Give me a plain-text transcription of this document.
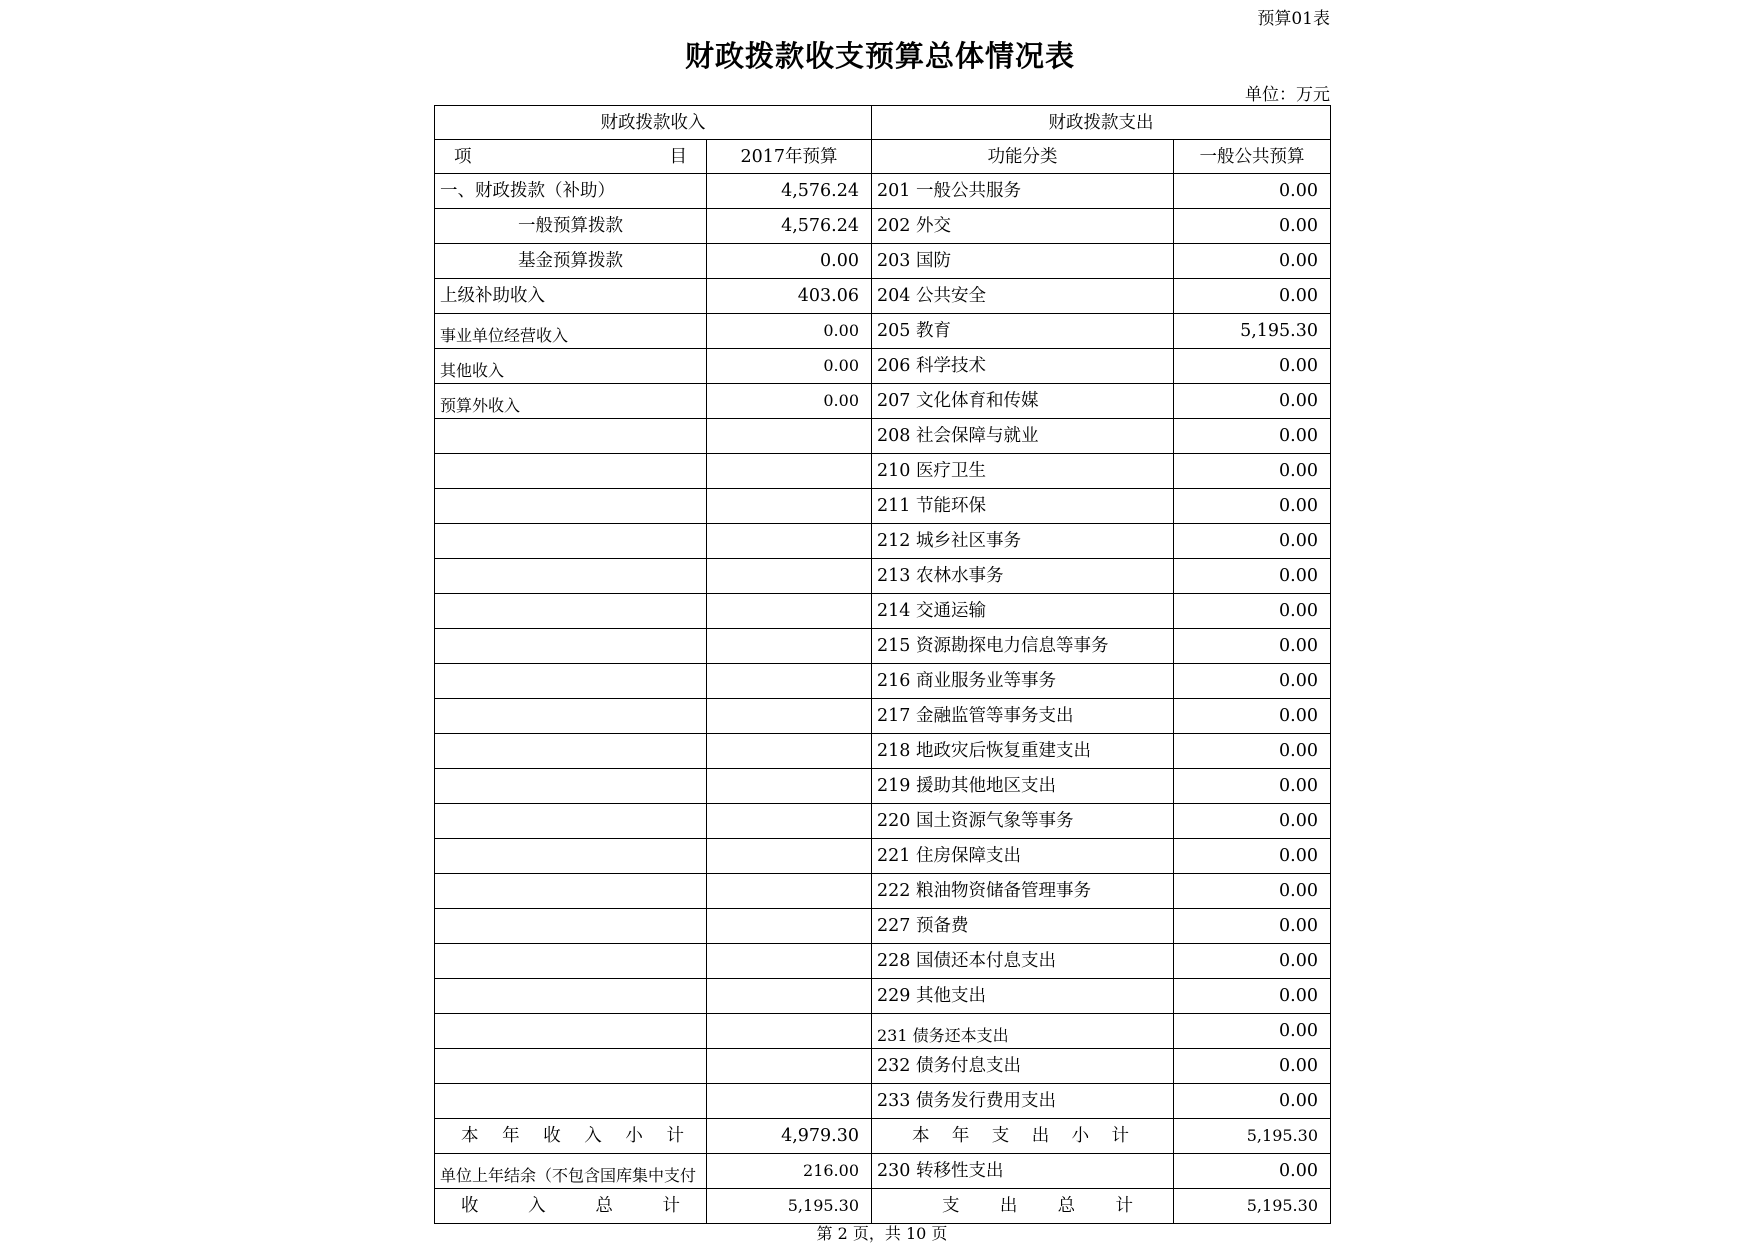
预算01表
财政拨款收支预算总体情况表
单位：万元
财政拨款收入		财政拨款支出	

项 目	2017年预算	功能分类	一般公共预算
一、财政拨款（补助）	4,576.24	201 一般公共服务	0.00
一般预算拨款	4,576.24	202 外交	0.00
基金预算拨款	0.00	203 国防	0.00
上级补助收入	403.06	204 公共安全	0.00
事业单位经营收入	0.00	205 教育	5,195.30
其他收入	0.00	206 科学技术	0.00
预算外收入	0.00	207 文化体育和传媒	0.00
		208 社会保障与就业	0.00
		210 医疗卫生	0.00
		211 节能环保	0.00
		212 城乡社区事务	0.00
		213 农林水事务	0.00
		214 交通运输	0.00
		215 资源勘探电力信息等事务	0.00
		216 商业服务业等事务	0.00
		217 金融监管等事务支出	0.00
		218 地政灾后恢复重建支出	0.00
		219 援助其他地区支出	0.00
		220 国土资源气象等事务	0.00
		221 住房保障支出	0.00
		222 粮油物资储备管理事务	0.00
		227 预备费	0.00
		228 国债还本付息支出	0.00
		229 其他支出	0.00
		231 债务还本支出	0.00
		232 债务付息支出	0.00
		233 债务发行费用支出	0.00
本年收入小计	4,979.30	本年支出小计	5,195.30
单位上年结余（不包含国库集中支付	216.00	230 转移性支出	0.00
收入总计	5,195.30	支出总计	5,195.30
第 2 页，共 10 页
